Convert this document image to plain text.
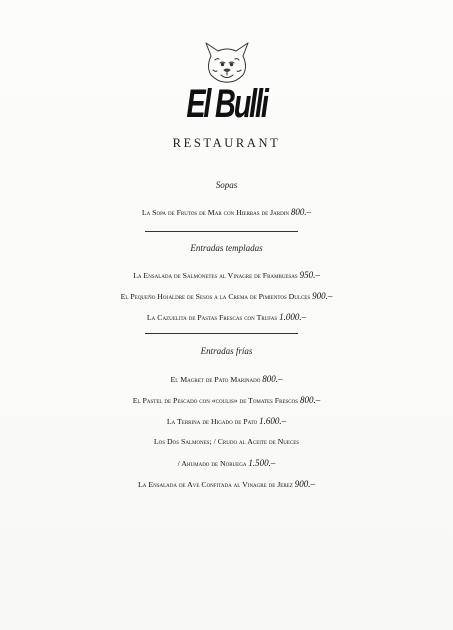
El Bulli
RESTAURANT
Sopas
La Sopa de Frutos de Mar con Hierbas de Jardin 800.–
Entradas templadas
La Ensalada de Salmonetes al Vinagre de Frambuesas 950.–
El Pequeño Hojaldre de Sesos a la Crema de Pimientos Dulces 900.–
La Cazuelita de Pastas Frescas con Trufas 1.000.–
Entradas frías
El Magret de Pato Marinado 800.–
El Pastel de Pescado con «coulis» de Tomates Frescos 800.–
La Terrina de Higado de Pato 1.600.–
Los Dos Salmones; / Crudo al Aceite de Nueces
/ Ahumado de Noruega 1.500.–
La Ensalada de Ave Confitada al Vinagre de Jerez 900.–
